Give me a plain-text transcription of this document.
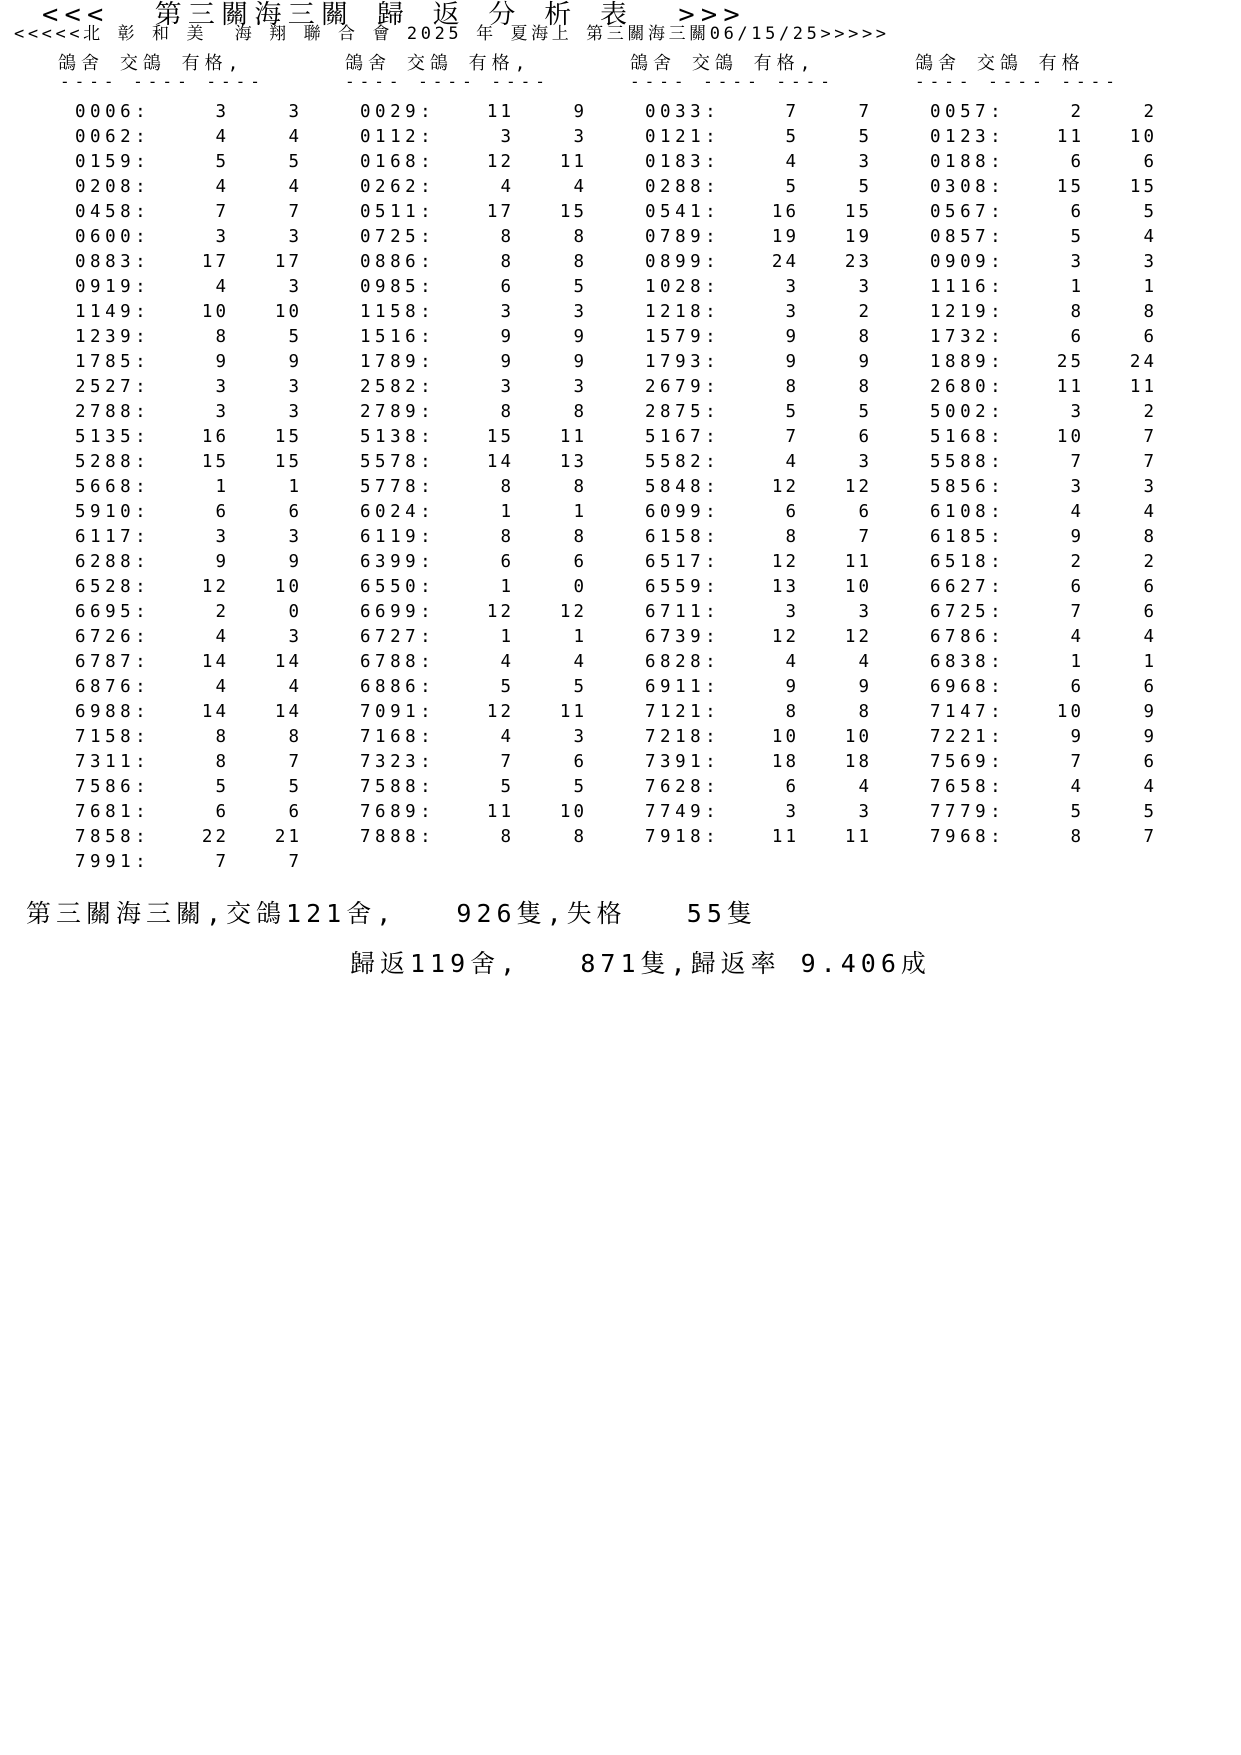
<<<  第三關海三關 歸 返 分 析 表  >>>
<<<<<北 彰 和 美  海 翔 聯 合 會 2025 年 夏海上 第三關海三關06/15/25>>>>>
鴿舍 交鴿 有格,	鴿舍 交鴿 有格,	鴿舍 交鴿 有格,	鴿舍 交鴿 有格
---- ---- ----	---- ---- ----	---- ---- ----	---- ---- ----
0006:	3	3	0029:	11	9	0033:	7	7	0057:	2	2
0062:	4	4	0112:	3	3	0121:	5	5	0123:	11	10
0159:	5	5	0168:	12	11	0183:	4	3	0188:	6	6
0208:	4	4	0262:	4	4	0288:	5	5	0308:	15	15
0458:	7	7	0511:	17	15	0541:	16	15	0567:	6	5
0600:	3	3	0725:	8	8	0789:	19	19	0857:	5	4
0883:	17	17	0886:	8	8	0899:	24	23	0909:	3	3
0919:	4	3	0985:	6	5	1028:	3	3	1116:	1	1
1149:	10	10	1158:	3	3	1218:	3	2	1219:	8	8
1239:	8	5	1516:	9	9	1579:	9	8	1732:	6	6
1785:	9	9	1789:	9	9	1793:	9	9	1889:	25	24
2527:	3	3	2582:	3	3	2679:	8	8	2680:	11	11
2788:	3	3	2789:	8	8	2875:	5	5	5002:	3	2
5135:	16	15	5138:	15	11	5167:	7	6	5168:	10	7
5288:	15	15	5578:	14	13	5582:	4	3	5588:	7	7
5668:	1	1	5778:	8	8	5848:	12	12	5856:	3	3
5910:	6	6	6024:	1	1	6099:	6	6	6108:	4	4
6117:	3	3	6119:	8	8	6158:	8	7	6185:	9	8
6288:	9	9	6399:	6	6	6517:	12	11	6518:	2	2
6528:	12	10	6550:	1	0	6559:	13	10	6627:	6	6
6695:	2	0	6699:	12	12	6711:	3	3	6725:	7	6
6726:	4	3	6727:	1	1	6739:	12	12	6786:	4	4
6787:	14	14	6788:	4	4	6828:	4	4	6838:	1	1
6876:	4	4	6886:	5	5	6911:	9	9	6968:	6	6
6988:	14	14	7091:	12	11	7121:	8	8	7147:	10	9
7158:	8	8	7168:	4	3	7218:	10	10	7221:	9	9
7311:	8	7	7323:	7	6	7391:	18	18	7569:	7	6
7586:	5	5	7588:	5	5	7628:	6	4	7658:	4	4
7681:	6	6	7689:	11	10	7749:	3	3	7779:	5	5
7858:	22	21	7888:	8	8	7918:	11	11	7968:	8	7
7991:	7	7
第三關海三關,交鴿121舍,   926隻,失格   55隻
歸返119舍,   871隻,歸返率 9.406成
